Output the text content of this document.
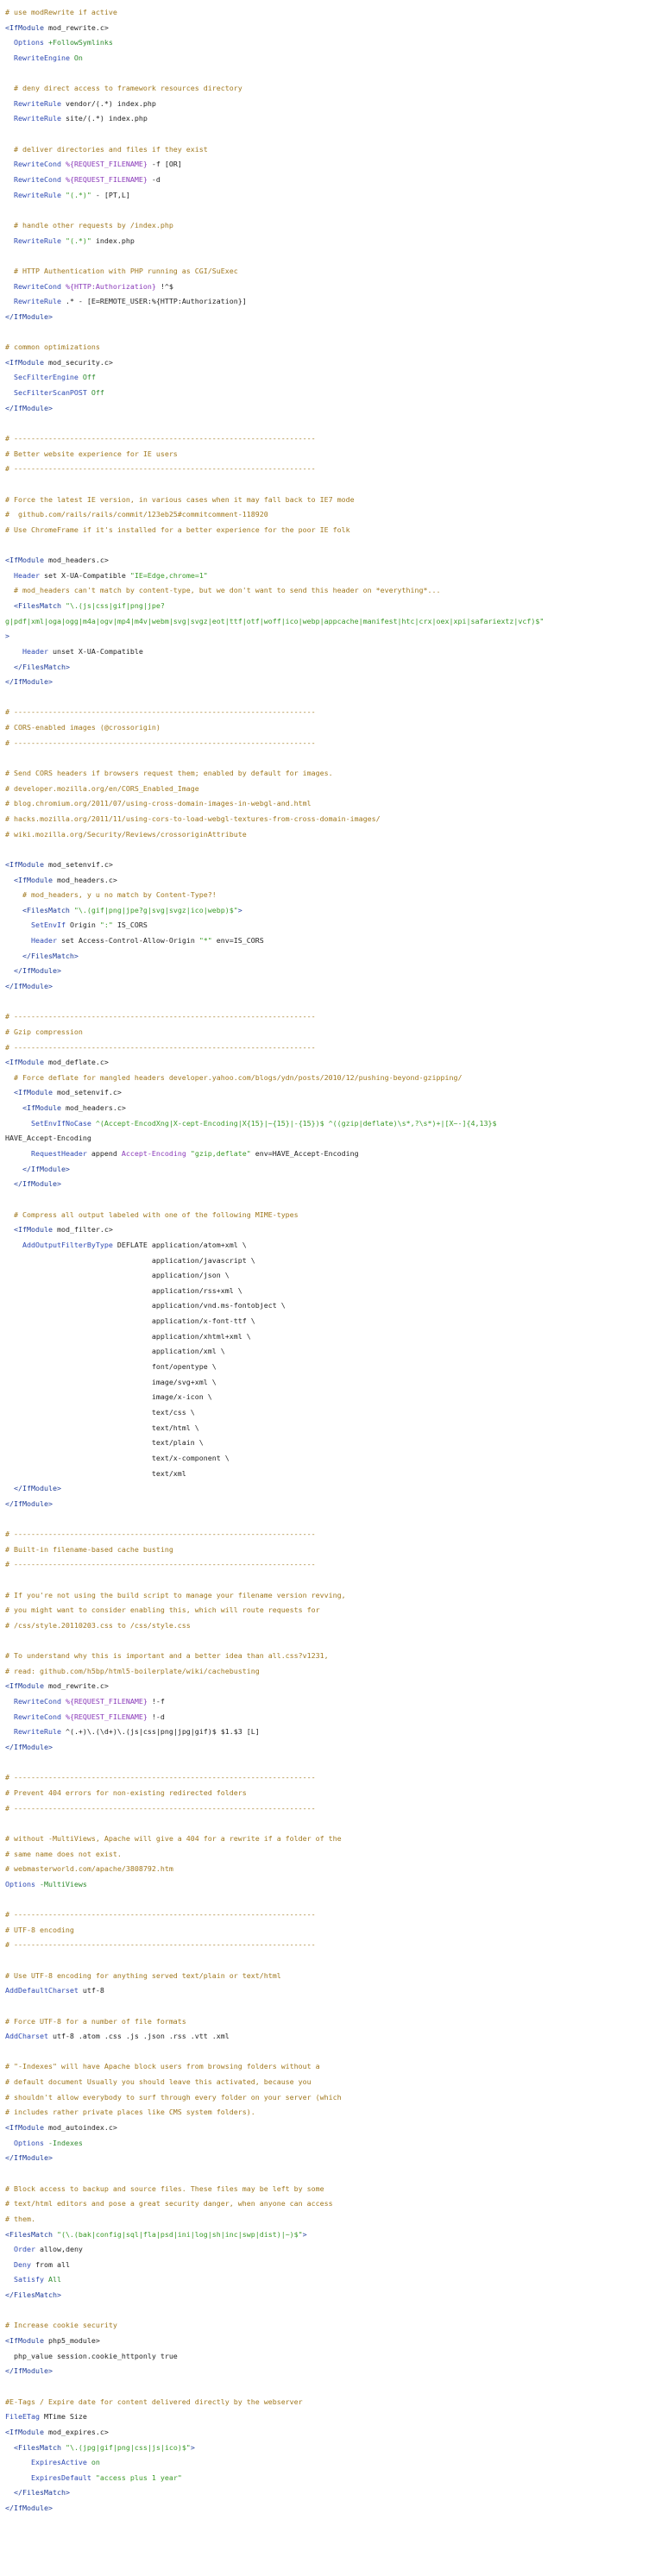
# use modRewrite if active
<IfModule mod_rewrite.c>
Options +FollowSymlinks
RewriteEngine On

# deny direct access to framework resources directory
RewriteRule vendor/(.*) index.php
RewriteRule site/(.*) index.php

# deliver directories and files if they exist
RewriteCond %{REQUEST_FILENAME} -f [OR]
RewriteCond %{REQUEST_FILENAME} -d
RewriteRule "(.*)" - [PT,L]

# handle other requests by /index.php
RewriteRule "(.*)" index.php

# HTTP Authentication with PHP running as CGI/SuExec
RewriteCond %{HTTP:Authorization} !^$
RewriteRule .* - [E=REMOTE_USER:%{HTTP:Authorization}]
</IfModule>

# common optimizations
<IfModule mod_security.c>
SecFilterEngine Off
SecFilterScanPOST Off
</IfModule>

# ----------------------------------------------------------------------
# Better website experience for IE users
# ----------------------------------------------------------------------

# Force the latest IE version, in various cases when it may fall back to IE7 mode
#  github.com/rails/rails/commit/123eb25#commitcomment-118920
# Use ChromeFrame if it's installed for a better experience for the poor IE folk

<IfModule mod_headers.c>
Header set X-UA-Compatible "IE=Edge,chrome=1"
# mod_headers can't match by content-type, but we don't want to send this header on *everything*...
<FilesMatch "\.(js|css|gif|png|jpe?
g|pdf|xml|oga|ogg|m4a|ogv|mp4|m4v|webm|svg|svgz|eot|ttf|otf|woff|ico|webp|appcache|manifest|htc|crx|oex|xpi|safariextz|vcf)$"
>
Header unset X-UA-Compatible
</FilesMatch>
</IfModule>

# ----------------------------------------------------------------------
# CORS-enabled images (@crossorigin)
# ----------------------------------------------------------------------

# Send CORS headers if browsers request them; enabled by default for images.
# developer.mozilla.org/en/CORS_Enabled_Image
# blog.chromium.org/2011/07/using-cross-domain-images-in-webgl-and.html
# hacks.mozilla.org/2011/11/using-cors-to-load-webgl-textures-from-cross-domain-images/
# wiki.mozilla.org/Security/Reviews/crossoriginAttribute

<IfModule mod_setenvif.c>
<IfModule mod_headers.c>
# mod_headers, y u no match by Content-Type?!
<FilesMatch "\.(gif|png|jpe?g|svg|svgz|ico|webp)$">
SetEnvIf Origin ":" IS_CORS
Header set Access-Control-Allow-Origin "*" env=IS_CORS
</FilesMatch>
</IfModule>
</IfModule>

# ----------------------------------------------------------------------
# Gzip compression
# ----------------------------------------------------------------------
<IfModule mod_deflate.c>
# Force deflate for mangled headers developer.yahoo.com/blogs/ydn/posts/2010/12/pushing-beyond-gzipping/
<IfModule mod_setenvif.c>
<IfModule mod_headers.c>
SetEnvIfNoCase ^(Accept-EncodXng|X-cept-Encoding|X{15}|~{15}|-{15})$ ^((gzip|deflate)\s*,?\s*)+|[X~-]{4,13}$
HAVE_Accept-Encoding
RequestHeader append Accept-Encoding "gzip,deflate" env=HAVE_Accept-Encoding
</IfModule>
</IfModule>

# Compress all output labeled with one of the following MIME-types
<IfModule mod_filter.c>
AddOutputFilterByType DEFLATE application/atom+xml \
application/javascript \
application/json \
application/rss+xml \
application/vnd.ms-fontobject \
application/x-font-ttf \
application/xhtml+xml \
application/xml \
font/opentype \
image/svg+xml \
image/x-icon \
text/css \
text/html \
text/plain \
text/x-component \
text/xml
</IfModule>
</IfModule>

# ----------------------------------------------------------------------
# Built-in filename-based cache busting
# ----------------------------------------------------------------------

# If you're not using the build script to manage your filename version revving,
# you might want to consider enabling this, which will route requests for
# /css/style.20110203.css to /css/style.css

# To understand why this is important and a better idea than all.css?v1231,
# read: github.com/h5bp/html5-boilerplate/wiki/cachebusting
<IfModule mod_rewrite.c>
RewriteCond %{REQUEST_FILENAME} !-f
RewriteCond %{REQUEST_FILENAME} !-d
RewriteRule ^(.+)\.(\d+)\.(js|css|png|jpg|gif)$ $1.$3 [L]
</IfModule>

# ----------------------------------------------------------------------
# Prevent 404 errors for non-existing redirected folders
# ----------------------------------------------------------------------

# without -MultiViews, Apache will give a 404 for a rewrite if a folder of the
# same name does not exist.
# webmasterworld.com/apache/3808792.htm
Options -MultiViews

# ----------------------------------------------------------------------
# UTF-8 encoding
# ----------------------------------------------------------------------

# Use UTF-8 encoding for anything served text/plain or text/html
AddDefaultCharset utf-8

# Force UTF-8 for a number of file formats
AddCharset utf-8 .atom .css .js .json .rss .vtt .xml

# "-Indexes" will have Apache block users from browsing folders without a
# default document Usually you should leave this activated, because you
# shouldn't allow everybody to surf through every folder on your server (which
# includes rather private places like CMS system folders).
<IfModule mod_autoindex.c>
Options -Indexes
</IfModule>

# Block access to backup and source files. These files may be left by some
# text/html editors and pose a great security danger, when anyone can access
# them.
<FilesMatch "(\.(bak|config|sql|fla|psd|ini|log|sh|inc|swp|dist)|~)$">
Order allow,deny
Deny from all
Satisfy All
</FilesMatch>

# Increase cookie security
<IfModule php5_module>
php_value session.cookie_httponly true
</IfModule>

#E-Tags / Expire date for content delivered directly by the webserver
FileETag MTime Size
<IfModule mod_expires.c>
<FilesMatch "\.(jpg|gif|png|css|js|ico)$">
ExpiresActive on
ExpiresDefault "access plus 1 year"
</FilesMatch>
</IfModule>
